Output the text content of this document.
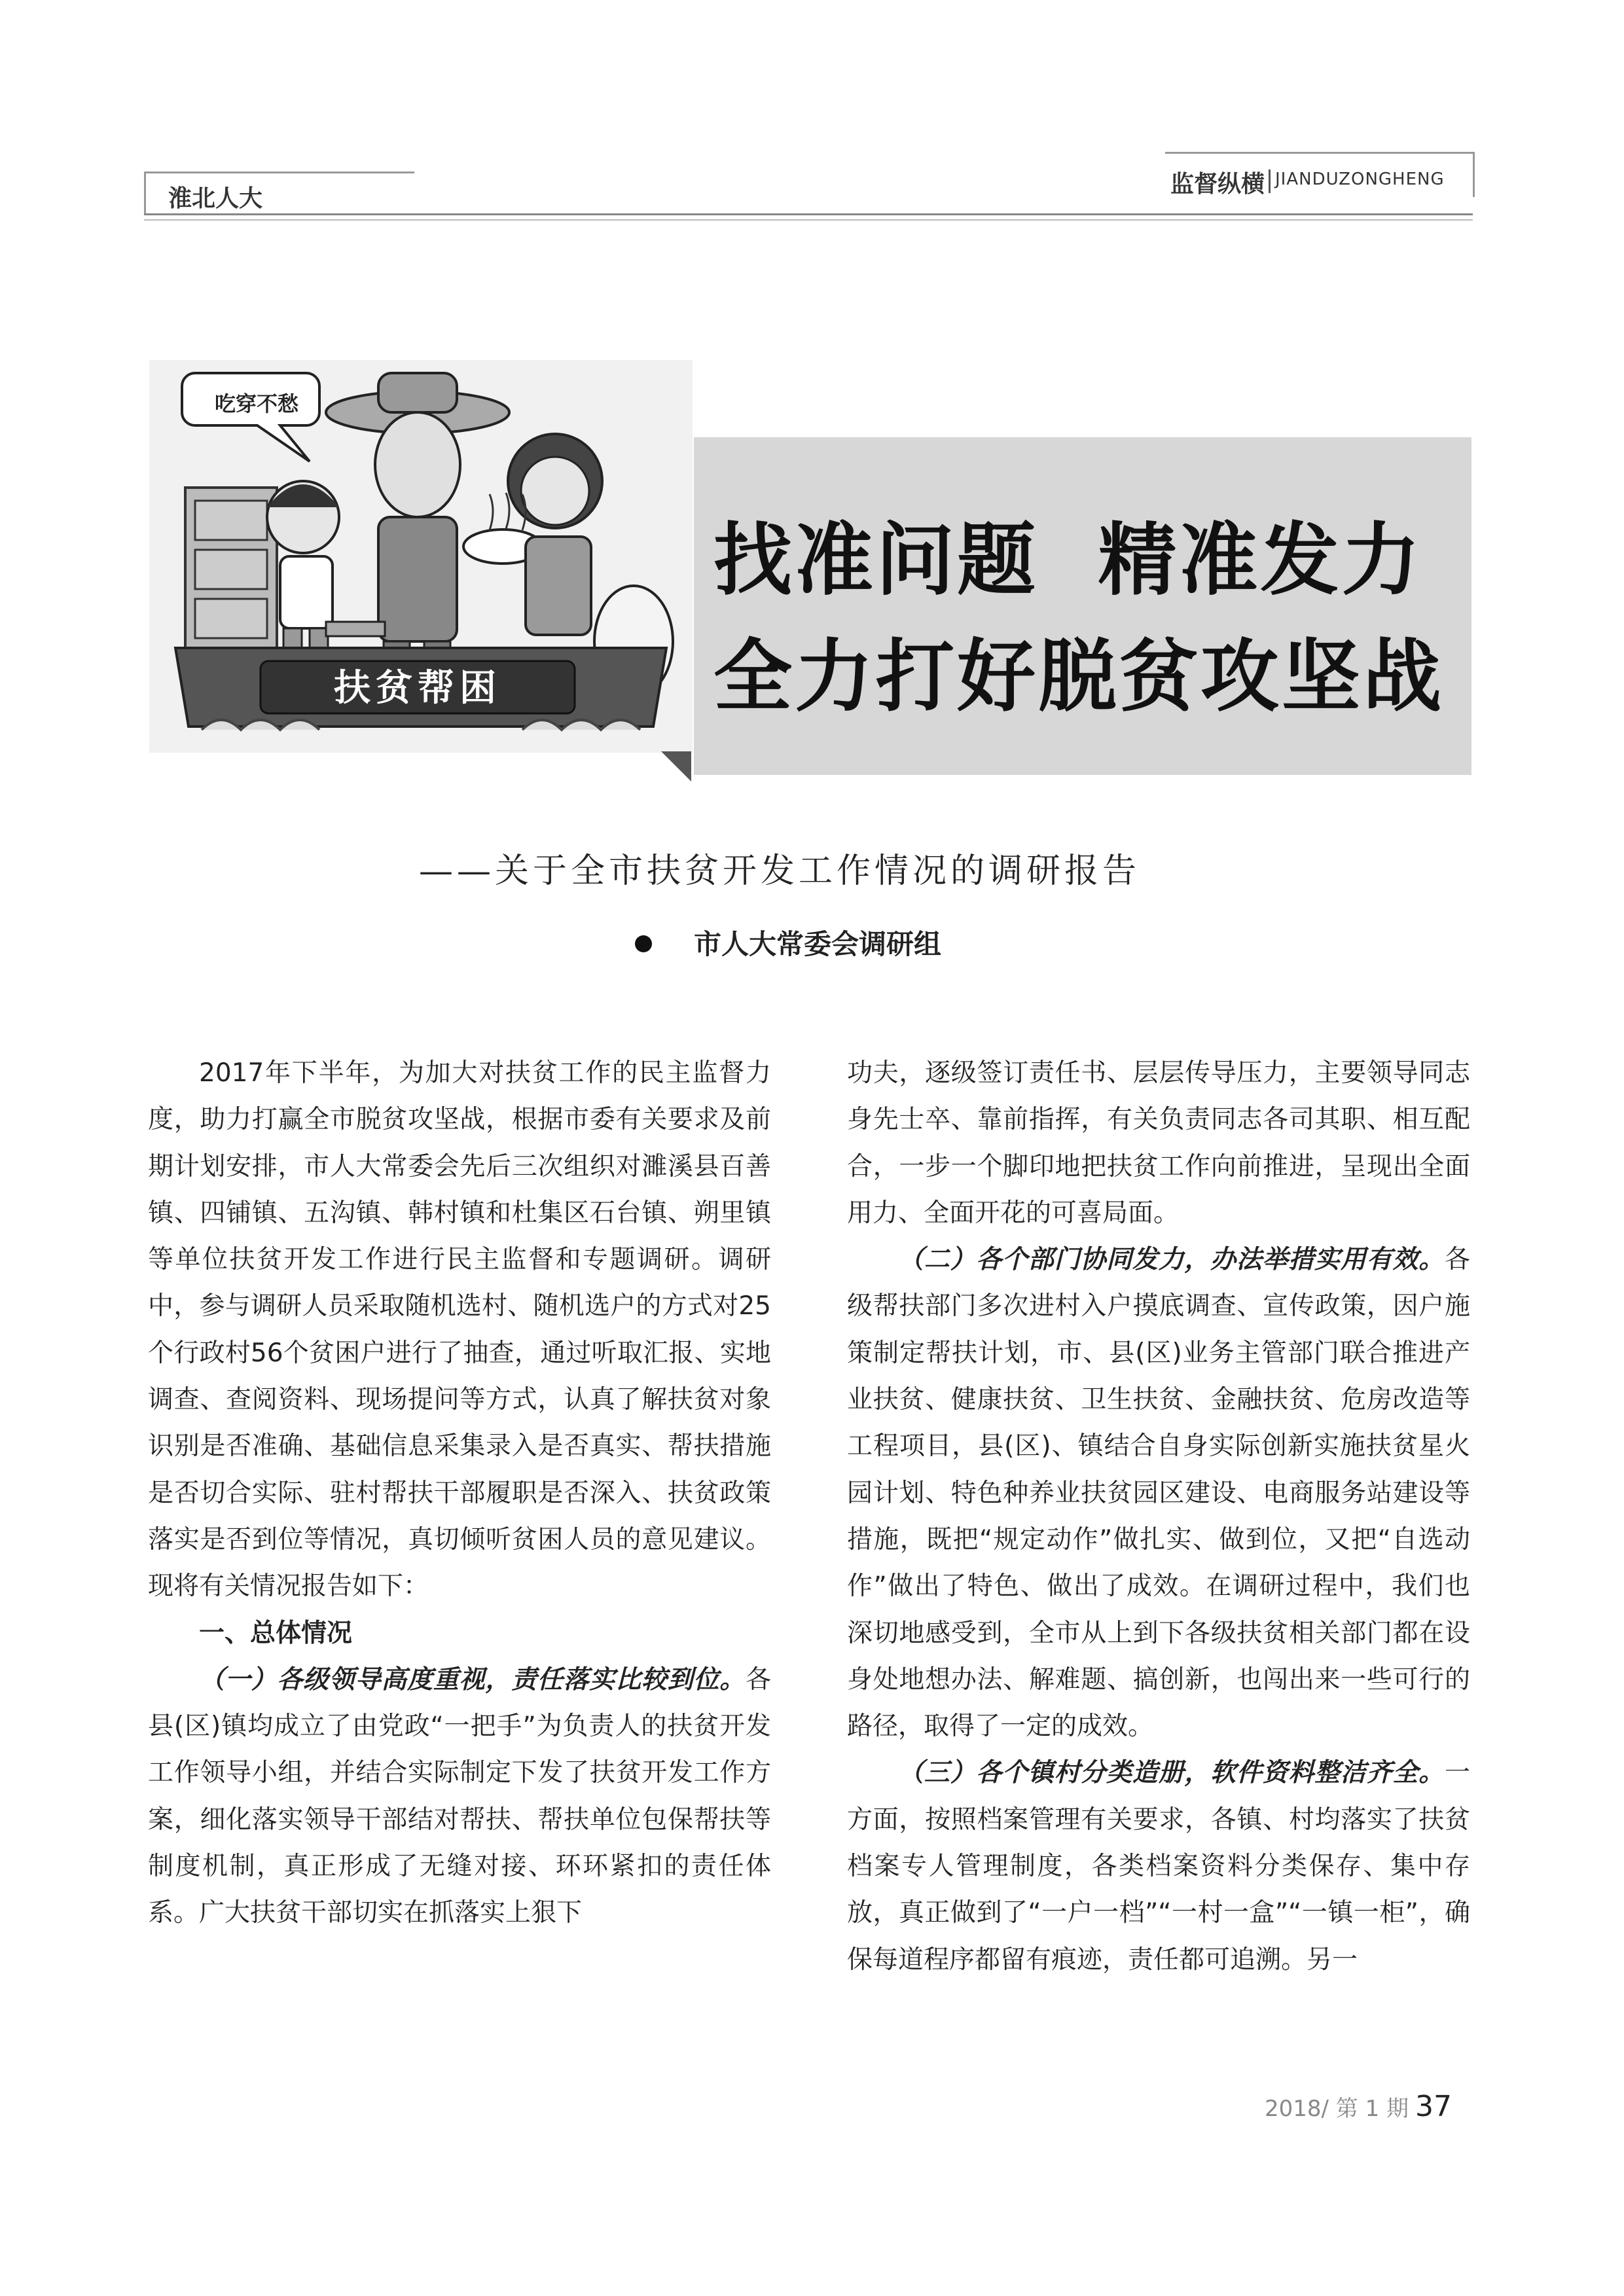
淮北人大
监督纵横 JIANDUZONGHENG
吃穿不愁
扶贫帮困
找准问题  精准发力
全力打好脱贫攻坚战
——关于全市扶贫开发工作情况的调研报告
市人大常委会调研组

2017年下半年，为加大对扶贫工作的民主监督力度，助力打赢全市脱贫攻坚战，根据市委有关要求及前期计划安排，市人大常委会先后三次组织对濉溪县百善镇、四铺镇、五沟镇、韩村镇和杜集区石台镇、朔里镇等单位扶贫开发工作进行民主监督和专题调研。调研中，参与调研人员采取随机选村、随机选户的方式对25个行政村56个贫困户进行了抽查，通过听取汇报、实地调查、查阅资料、现场提问等方式，认真了解扶贫对象识别是否准确、基础信息采集录入是否真实、帮扶措施是否切合实际、驻村帮扶干部履职是否深入、扶贫政策落实是否到位等情况，真切倾听贫困人员的意见建议。现将有关情况报告如下：

一、总体情况

（一）各级领导高度重视，责任落实比较到位。各县(区)镇均成立了由党政“一把手”为负责人的扶贫开发工作领导小组，并结合实际制定下发了扶贫开发工作方案，细化落实领导干部结对帮扶、帮扶单位包保帮扶等制度机制，真正形成了无缝对接、环环紧扣的责任体系。广大扶贫干部切实在抓落实上狠下

功夫，逐级签订责任书、层层传导压力，主要领导同志身先士卒、靠前指挥，有关负责同志各司其职、相互配合，一步一个脚印地把扶贫工作向前推进，呈现出全面用力、全面开花的可喜局面。

（二）各个部门协同发力，办法举措实用有效。各级帮扶部门多次进村入户摸底调查、宣传政策，因户施策制定帮扶计划，市、县(区)业务主管部门联合推进产业扶贫、健康扶贫、卫生扶贫、金融扶贫、危房改造等工程项目，县(区)、镇结合自身实际创新实施扶贫星火园计划、特色种养业扶贫园区建设、电商服务站建设等措施，既把“规定动作”做扎实、做到位，又把“自选动作”做出了特色、做出了成效。在调研过程中，我们也深切地感受到，全市从上到下各级扶贫相关部门都在设身处地想办法、解难题、搞创新，也闯出来一些可行的路径，取得了一定的成效。

（三）各个镇村分类造册，软件资料整洁齐全。一方面，按照档案管理有关要求，各镇、村均落实了扶贫档案专人管理制度，各类档案资料分类保存、集中存放，真正做到了“一户一档”“一村一盒”“一镇一柜”，确保每道程序都留有痕迹，责任都可追溯。另一

2018/ 第 1 期 37
